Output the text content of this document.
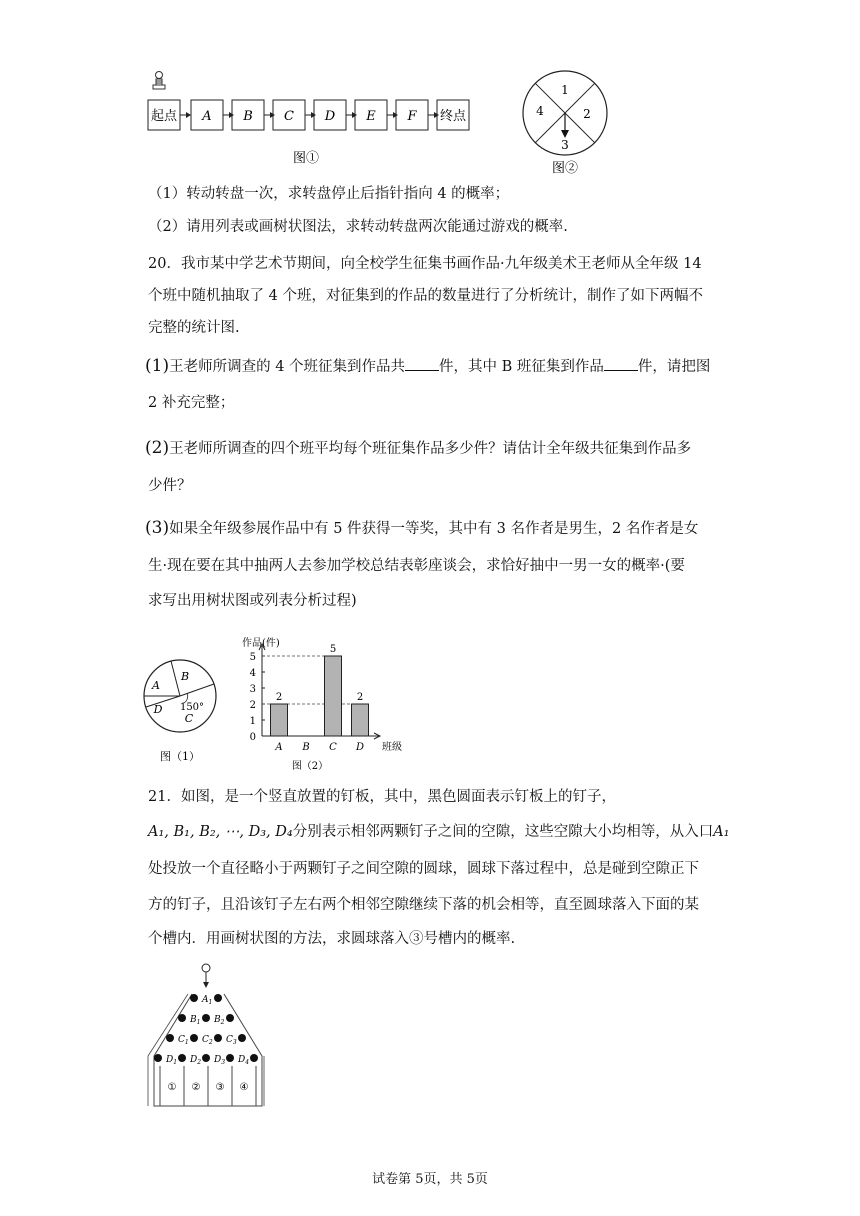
起点 A B C D E F 终点
图①
1
2
3
4
图②
（1）转动转盘一次，求转盘停止后指针指向 4 的概率；
（2）请用列表或画树状图法，求转动转盘两次能通过游戏的概率.
20．我市某中学艺术节期间，向全校学生征集书画作品·九年级美术王老师从全年级 14
个班中随机抽取了 4 个班，对征集到的作品的数量进行了分析统计，制作了如下两幅不
完整的统计图.
(1)王老师所调查的 4 个班征集到作品共 件，其中 B 班征集到作品 件，请把图
2 补充完整；
(2)王老师所调查的四个班平均每个班征集作品多少件？请估计全年级共征集到作品多
少件？
(3)如果全年级参展作品中有 5 件获得一等奖，其中有 3 名作者是男生，2 名作者是女
生·现在要在其中抽两人去参加学校总结表彰座谈会，求恰好抽中一男一女的概率·(要
求写出用树状图或列表分析过程)
A
B
D
C
150°
图（1）
作品(件)
0
1
2
3
4
5
2
A B
5
C
2
D 班级
图（2）
21．如图，是一个竖直放置的钉板，其中，黑色圆面表示钉板上的钉子，
A₁, B₁, B₂, ⋯, D₃, D₄分别表示相邻两颗钉子之间的空隙，这些空隙大小均相等，从入口A₁
处投放一个直径略小于两颗钉子之间空隙的圆球，圆球下落过程中，总是碰到空隙正下
方的钉子，且沿该钉子左右两个相邻空隙继续下落的机会相等，直至圆球落入下面的某
个槽内．用画树状图的方法，求圆球落入③号槽内的概率.
$A_1$
$B_1$ $B_2$
$C_1$ $C_2$ $C_3$
$D_1$ $D_2$ $D_3$ $D_4$
① ② ③ ④
试卷第 5页，共 5页
